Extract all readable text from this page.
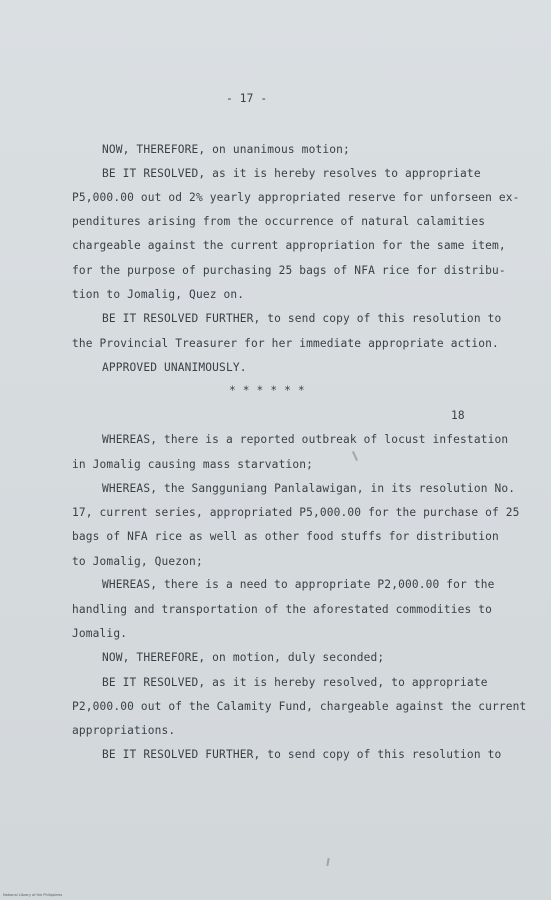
- 17 -
NOW, THEREFORE, on unanimous motion;
BE IT RESOLVED, as it is hereby resolves to appropriate
P5,000.00 out od 2% yearly appropriated reserve for unforseen ex-
penditures arising from the occurrence of natural calamities
chargeable against the current appropriation for the same item,
for the purpose of purchasing 25 bags of NFA rice for distribu-
tion to Jomalig, Quez on.
BE IT RESOLVED FURTHER, to send copy of this resolution to
the Provincial Treasurer for her immediate appropriate action.
APPROVED UNANIMOUSLY.
* * * * * *
18
WHEREAS, there is a reported outbreak of locust infestation
in Jomalig causing mass starvation;
WHEREAS, the Sangguniang Panlalawigan, in its resolution No.
17, current series, appropriated P5,000.00 for the purchase of 25
bags of NFA rice as well as other food stuffs for distribution
to Jomalig, Quezon;
WHEREAS, there is a need to appropriate P2,000.00 for the
handling and transportation of the aforestated commodities to
Jomalig.
NOW, THEREFORE, on motion, duly seconded;
BE IT RESOLVED, as it is hereby resolved, to appropriate
P2,000.00 out of the Calamity Fund, chargeable against the current
appropriations.
BE IT RESOLVED FURTHER, to send copy of this resolution to
National Library of the Philippines
